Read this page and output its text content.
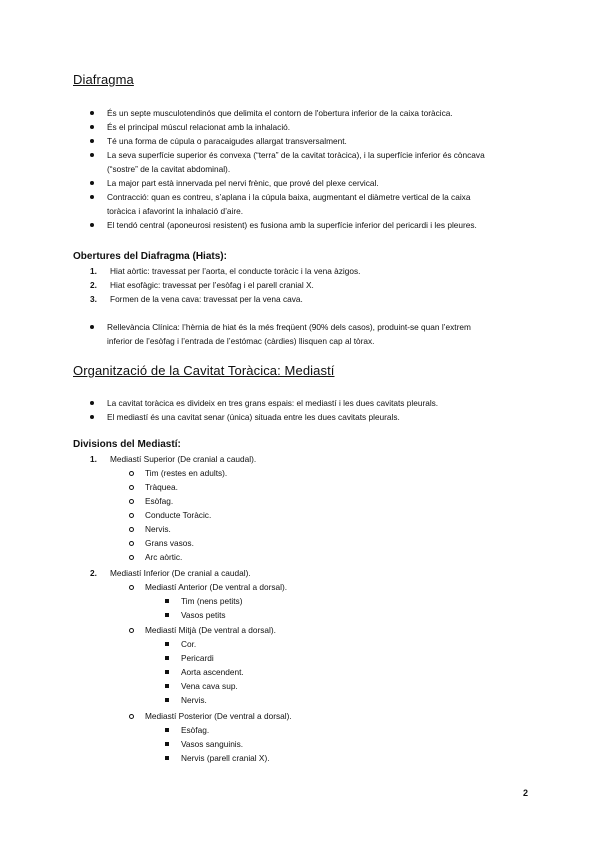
Diafragma
És un septe musculotendinós que delimita el contorn de l'obertura inferior de la caixa toràcica.
És el principal múscul relacionat amb la inhalació.
Té una forma de cúpula o paracaigudes allargat transversalment.
La seva superfície superior és convexa (“terra” de la cavitat toràcica), i la superfície inferior és còncava
(“sostre” de la cavitat abdominal).
La major part està innervada pel nervi frènic, que prové del plexe cervical.
Contracció: quan es contreu, s’aplana i la cúpula baixa, augmentant el diàmetre vertical de la caixa
toràcica i afavorint la inhalació d’aire.
El tendó central (aponeurosi resistent) es fusiona amb la superfície inferior del pericardi i les pleures.
Obertures del Diafragma (Hiats):
1. Hiat aòrtic: travessat per l’aorta, el conducte toràcic i la vena àzigos.
2. Hiat esofàgic: travessat per l’esòfag i el parell cranial X.
3. Formen de la vena cava: travessat per la vena cava.
Rellevància Clínica: l’hèrnia de hiat és la més freqüent (90% dels casos), produint-se quan l’extrem
inferior de l’esòfag i l’entrada de l’estómac (càrdies) llisquen cap al tòrax.
Organització de la Cavitat Toràcica: Mediastí
La cavitat toràcica es divideix en tres grans espais: el mediastí i les dues cavitats pleurals.
El mediastí és una cavitat senar (única) situada entre les dues cavitats pleurals.
Divisions del Mediastí:
1. Mediastí Superior (De cranial a caudal).
Tim (restes en adults).
Tràquea.
Esòfag.
Conducte Toràcic.
Nervis.
Grans vasos.
Arc aòrtic.
2. Mediastí Inferior (De cranial a caudal).
Mediastí Anterior (De ventral a dorsal).
Tim (nens petits)
Vasos petits
Mediastí Mitjà (De ventral a dorsal).
Cor.
Pericardi
Aorta ascendent.
Vena cava sup.
Nervis.
Mediastí Posterior (De ventral a dorsal).
Esòfag.
Vasos sanguinis.
Nervis (parell cranial X).
2
